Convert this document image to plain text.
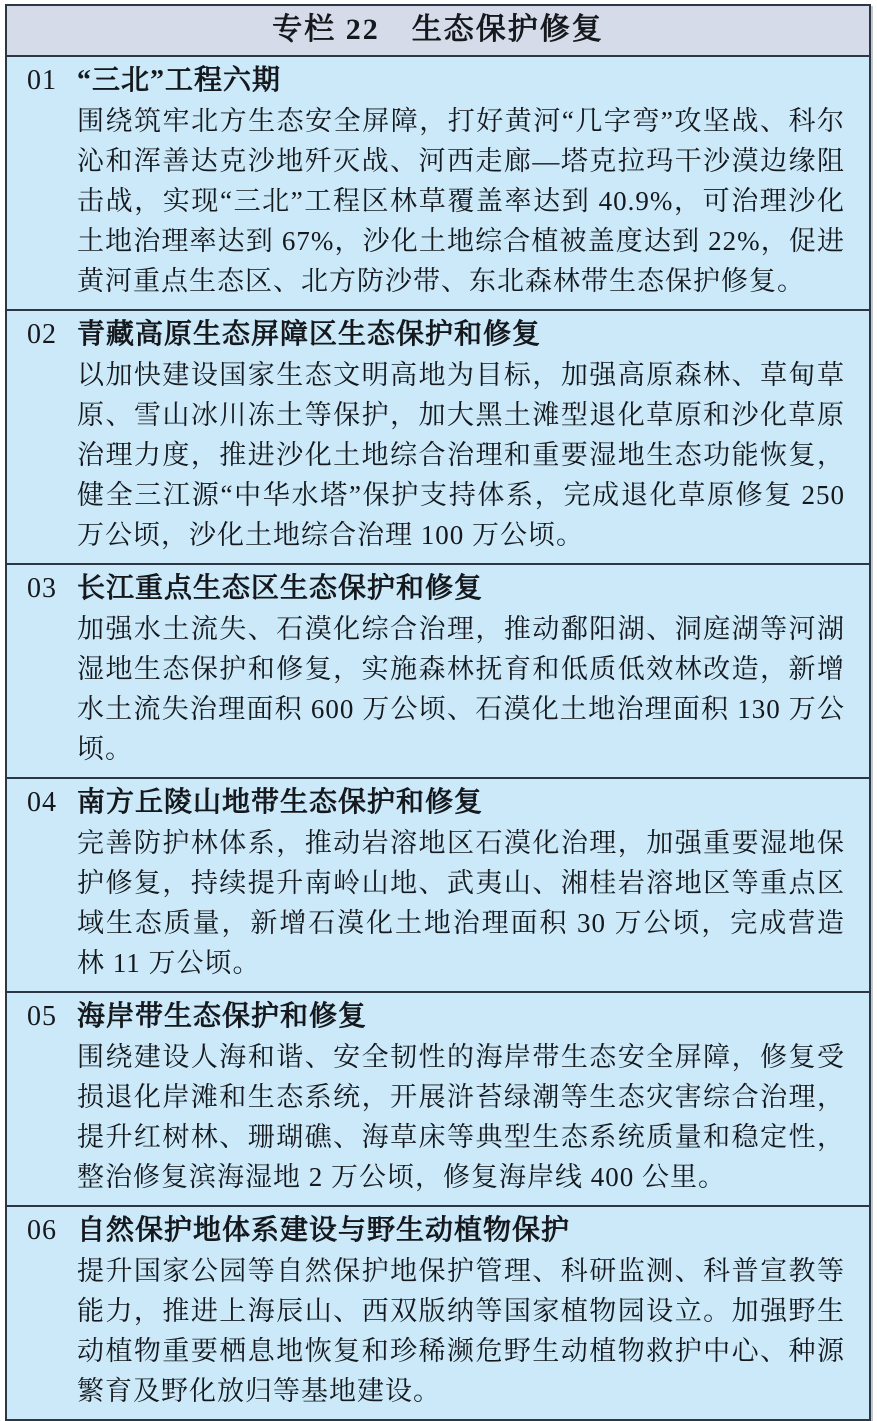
专栏 22　生态保护修复
01 “三北”工程六期

围绕筑牢北方生态安全屏障，打好黄河“几字弯”攻坚战、科尔沁和浑善达克沙地歼灭战、河西走廊—塔克拉玛干沙漠边缘阻击战，实现“三北”工程区林草覆盖率达到 40.9%，可治理沙化土地治理率达到 67%，沙化土地综合植被盖度达到 22%，促进黄河重点生态区、北方防沙带、东北森林带生态保护修复。

02 青藏高原生态屏障区生态保护和修复

以加快建设国家生态文明高地为目标，加强高原森林、草甸草原、雪山冰川冻土等保护，加大黑土滩型退化草原和沙化草原治理力度，推进沙化土地综合治理和重要湿地生态功能恢复，健全三江源“中华水塔”保护支持体系，完成退化草原修复 250 万公顷，沙化土地综合治理 100 万公顷。

03 长江重点生态区生态保护和修复

加强水土流失、石漠化综合治理，推动鄱阳湖、洞庭湖等河湖湿地生态保护和修复，实施森林抚育和低质低效林改造，新增水土流失治理面积 600 万公顷、石漠化土地治理面积 130 万公顷。

04 南方丘陵山地带生态保护和修复

完善防护林体系，推动岩溶地区石漠化治理，加强重要湿地保护修复，持续提升南岭山地、武夷山、湘桂岩溶地区等重点区域生态质量，新增石漠化土地治理面积 30 万公顷，完成营造林 11 万公顷。

05 海岸带生态保护和修复

围绕建设人海和谐、安全韧性的海岸带生态安全屏障，修复受损退化岸滩和生态系统，开展浒苔绿潮等生态灾害综合治理，提升红树林、珊瑚礁、海草床等典型生态系统质量和稳定性，整治修复滨海湿地 2 万公顷，修复海岸线 400 公里。

06 自然保护地体系建设与野生动植物保护

提升国家公园等自然保护地保护管理、科研监测、科普宣教等能力，推进上海辰山、西双版纳等国家植物园设立。加强野生动植物重要栖息地恢复和珍稀濒危野生动植物救护中心、种源繁育及野化放归等基地建设。
